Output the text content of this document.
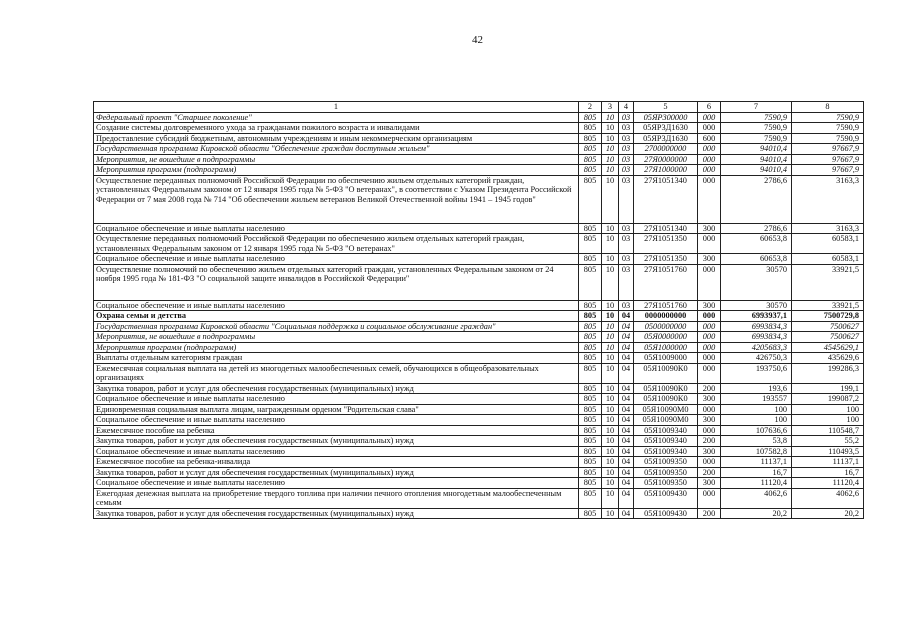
42
1	2	3	4	5	6	7	8
Федеральный проект "Старшее поколение"	805	10	03	05ЯР300000	000	7590,9	7590,9
Создание системы долговременного ухода за гражданами пожилого возраста и инвалидами	805	10	03	05ЯР3Д1630	000	7590,9	7590,9
Предоставление субсидий бюджетным, автономным учреждениям и иным некоммерческим организациям	805	10	03	05ЯР3Д1630	600	7590,9	7590,9
Государственная программа Кировской области "Обеспечение граждан доступным жильем"	805	10	03	2700000000	000	94010,4	97667,9
Мероприятия, не вошедшие в подпрограммы	805	10	03	27Я0000000	000	94010,4	97667,9
Мероприятия программ (подпрограмм)	805	10	03	27Я1000000	000	94010,4	97667,9
Осуществление переданных полномочий Российской Федерации по обеспечению жильем отдельных категорий граждан, установленных Федеральным законом от 12 января 1995 года № 5-ФЗ "О ветеранах", в соответствии с Указом Президента Российской Федерации от 7 мая 2008 года № 714 "Об обеспечении жильем ветеранов Великой Отечественной войны 1941 – 1945 годов"	805	10	03	27Я1051340	000	2786,6	3163,3
Социальное обеспечение и иные выплаты населению	805	10	03	27Я1051340	300	2786,6	3163,3
Осуществление переданных полномочий Российской Федерации по обеспечению жильем отдельных категорий граждан, установленных Федеральным законом от 12 января 1995 года № 5-ФЗ "О ветеранах"	805	10	03	27Я1051350	000	60653,8	60583,1
Социальное обеспечение и иные выплаты населению	805	10	03	27Я1051350	300	60653,8	60583,1
Осуществление полномочий по обеспечению жильем отдельных категорий граждан, установленных Федеральным законом от 24 ноября 1995 года № 181-ФЗ "О социальной защите инвалидов в Российской Федерации"	805	10	03	27Я1051760	000	30570	33921,5
Социальное обеспечение и иные выплаты населению	805	10	03	27Я1051760	300	30570	33921,5
Охрана семьи и детства	805	10	04	0000000000	000	6993937,1	7500729,8
Государственная программа Кировской области "Социальная поддержка и социальное обслуживание граждан"	805	10	04	0500000000	000	6993834,3	7500627
Мероприятия, не вошедшие в подпрограммы	805	10	04	05Я0000000	000	6993834,3	7500627
Мероприятия программ (подпрограмм)	805	10	04	05Я1000000	000	4205683,3	4545629,1
Выплаты отдельным категориям граждан	805	10	04	05Я1009000	000	426750,3	435629,6
Ежемесячная социальная выплата на детей из многодетных малообеспеченных семей, обучающихся в общеобразовательных организациях	805	10	04	05Я10090К0	000	193750,6	199286,3
Закупка товаров, работ и услуг для обеспечения государственных (муниципальных) нужд	805	10	04	05Я10090К0	200	193,6	199,1
Социальное обеспечение и иные выплаты населению	805	10	04	05Я10090К0	300	193557	199087,2
Единовременная социальная выплата лицам, награжденным орденом "Родительская слава"	805	10	04	05Я10090М0	000	100	100
Социальное обеспечение и иные выплаты населению	805	10	04	05Я10090М0	300	100	100
Ежемесячное пособие на ребенка	805	10	04	05Я1009340	000	107636,6	110548,7
Закупка товаров, работ и услуг для обеспечения государственных (муниципальных) нужд	805	10	04	05Я1009340	200	53,8	55,2
Социальное обеспечение и иные выплаты населению	805	10	04	05Я1009340	300	107582,8	110493,5
Ежемесячное пособие на ребенка-инвалида	805	10	04	05Я1009350	000	11137,1	11137,1
Закупка товаров, работ и услуг для обеспечения государственных (муниципальных) нужд	805	10	04	05Я1009350	200	16,7	16,7
Социальное обеспечение и иные выплаты населению	805	10	04	05Я1009350	300	11120,4	11120,4
Ежегодная денежная выплата на приобретение твердого топлива при наличии печного отопления многодетным малообеспеченным семьям	805	10	04	05Я1009430	000	4062,6	4062,6
Закупка товаров, работ и услуг для обеспечения государственных (муниципальных) нужд	805	10	04	05Я1009430	200	20,2	20,2
